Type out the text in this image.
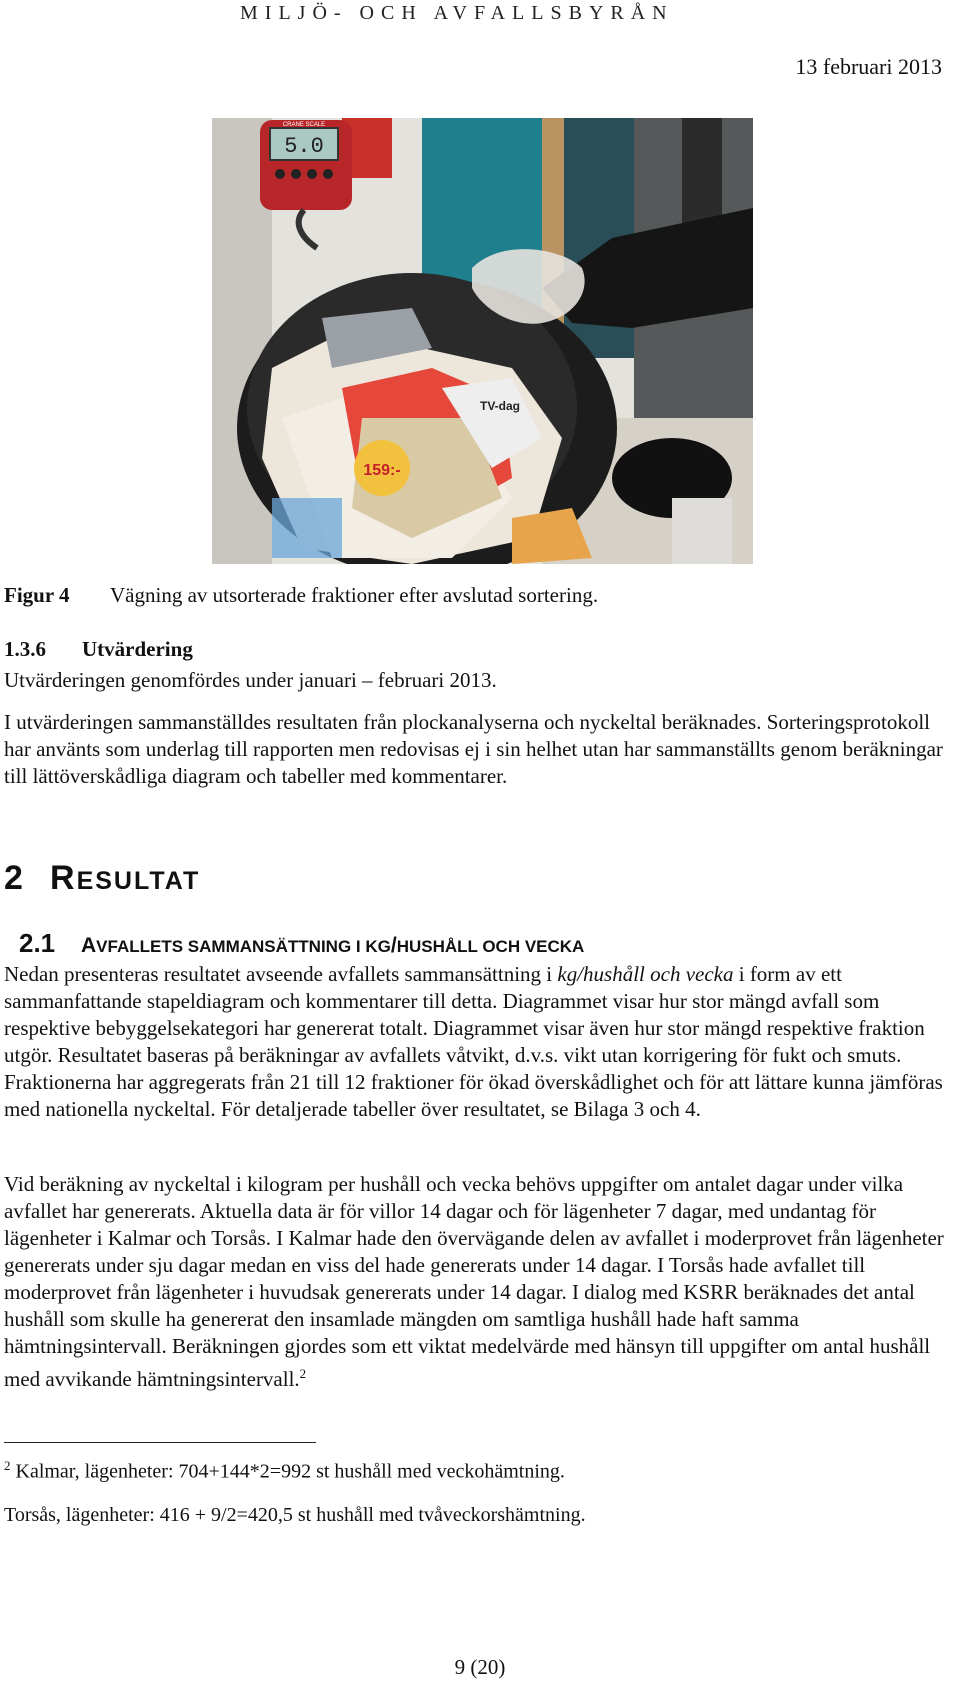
MILJÖ- OCH AVFALLSBYRÅN
13 februari 2013
5.0
CRANE SCALE
159:-
TV-dag
Figur 4 Vägning av utsorterade fraktioner efter avslutad sortering.
1.3.6 Utvärdering
Utvärderingen genomfördes under januari – februari 2013.
I utvärderingen sammanställdes resultaten från plockanalyserna och nyckeltal beräknades. Sorteringsprotokoll har använts som underlag till rapporten men redovisas ej i sin helhet utan har sammanställts genom beräkningar till lättöverskådliga diagram och tabeller med kommentarer.
2 RESULTAT
2.1 AVFALLETS SAMMANSÄTTNING I KG/HUSHÅLL OCH VECKA
Nedan presenteras resultatet avseende avfallets sammansättning i kg/hushåll och vecka i form av ett sammanfattande stapeldiagram och kommentarer till detta. Diagrammet visar hur stor mängd avfall som respektive bebyggelsekategori har genererat totalt. Diagrammet visar även hur stor mängd respektive fraktion utgör. Resultatet baseras på beräkningar av avfallets våtvikt, d.v.s. vikt utan korrigering för fukt och smuts. Fraktionerna har aggregerats från 21 till 12 fraktioner för ökad överskådlighet och för att lättare kunna jämföras med nationella nyckeltal. För detaljerade tabeller över resultatet, se Bilaga 3 och 4.
Vid beräkning av nyckeltal i kilogram per hushåll och vecka behövs uppgifter om antalet dagar under vilka avfallet har genererats. Aktuella data är för villor 14 dagar och för lägenheter 7 dagar, med undantag för lägenheter i Kalmar och Torsås. I Kalmar hade den övervägande delen av avfallet i moderprovet från lägenheter genererats under sju dagar medan en viss del hade genererats under 14 dagar. I Torsås hade avfallet till moderprovet från lägenheter i huvudsak genererats under 14 dagar. I dialog med KSRR beräknades det antal hushåll som skulle ha genererat den insamlade mängden om samtliga hushåll hade haft samma hämtningsintervall. Beräkningen gjordes som ett viktat medelvärde med hänsyn till uppgifter om antal hushåll med avvikande hämtningsintervall.$^2$
$^2$ Kalmar, lägenheter: 704+144*2=992 st hushåll med veckohämtning.
Torsås, lägenheter: 416 + 9/2=420,5 st hushåll med tvåveckorshämtning.
9 (20)
